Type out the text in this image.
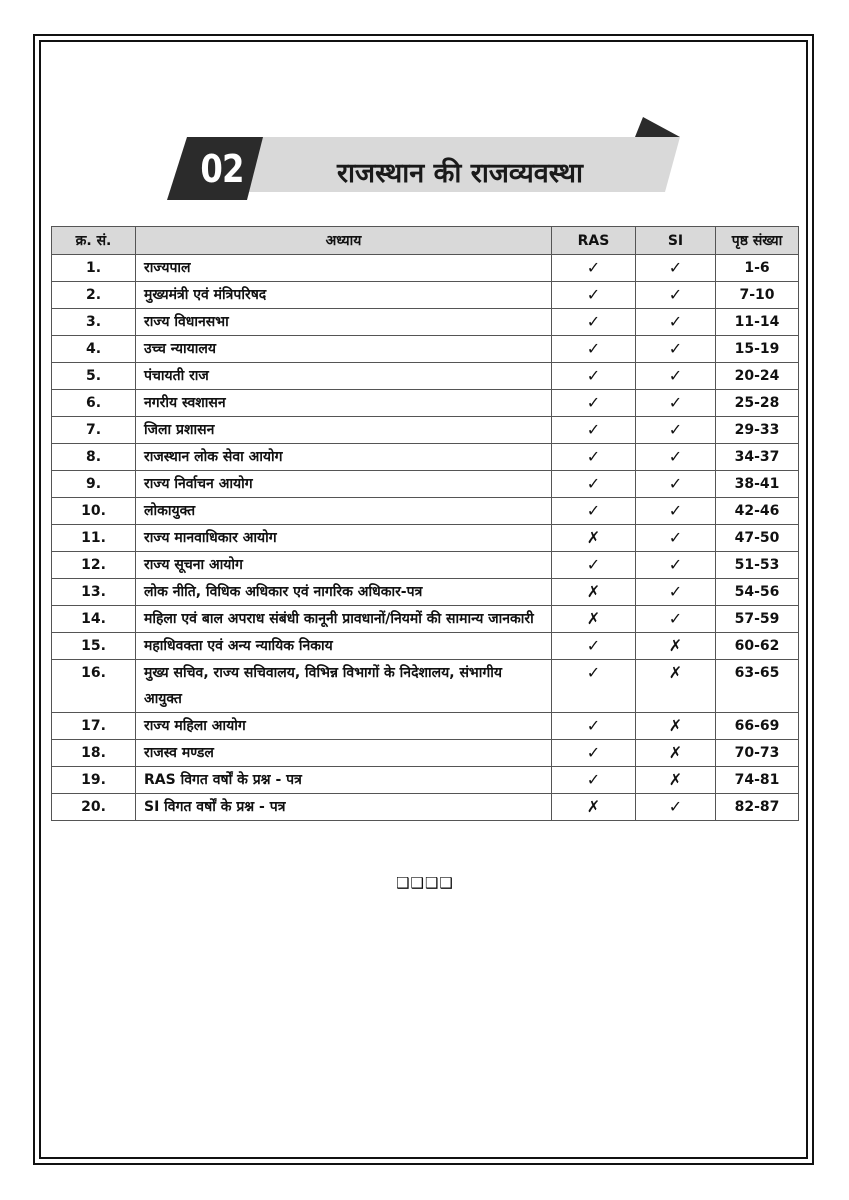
02	राजस्थान की राजव्यवस्था
क्र. सं.	अध्याय	RAS	SI	पृष्ठ संख्या
1.	राज्यपाल	✓	✓	1-6
2.	मुख्यमंत्री एवं मंत्रिपरिषद	✓	✓	7-10
3.	राज्य विधानसभा	✓	✓	11-14
4.	उच्च न्यायालय	✓	✓	15-19
5.	पंचायती राज	✓	✓	20-24
6.	नगरीय स्वशासन	✓	✓	25-28
7.	जिला प्रशासन	✓	✓	29-33
8.	राजस्थान लोक सेवा आयोग	✓	✓	34-37
9.	राज्य निर्वाचन आयोग	✓	✓	38-41
10.	लोकायुक्त	✓	✓	42-46
11.	राज्य मानवाधिकार आयोग	✗	✓	47-50
12.	राज्य सूचना आयोग	✓	✓	51-53
13.	लोक नीति, विधिक अधिकार एवं नागरिक अधिकार-पत्र	✗	✓	54-56
14.	महिला एवं बाल अपराध संबंधी कानूनी प्रावधानों/नियमों की सामान्य जानकारी	✗	✓	57-59
15.	महाधिवक्ता एवं अन्य न्यायिक निकाय	✓	✗	60-62
16.	मुख्य सचिव, राज्य सचिवालय, विभिन्न विभागों के निदेशालय, संभागीय आयुक्त	✓	✗	63-65
17.	राज्य महिला आयोग	✓	✗	66-69
18.	राजस्व मण्डल	✓	✗	70-73
19.	RAS विगत वर्षों के प्रश्न - पत्र	✓	✗	74-81
20.	SI विगत वर्षों के प्रश्न - पत्र	✗	✓	82-87
❑❑❑❑
